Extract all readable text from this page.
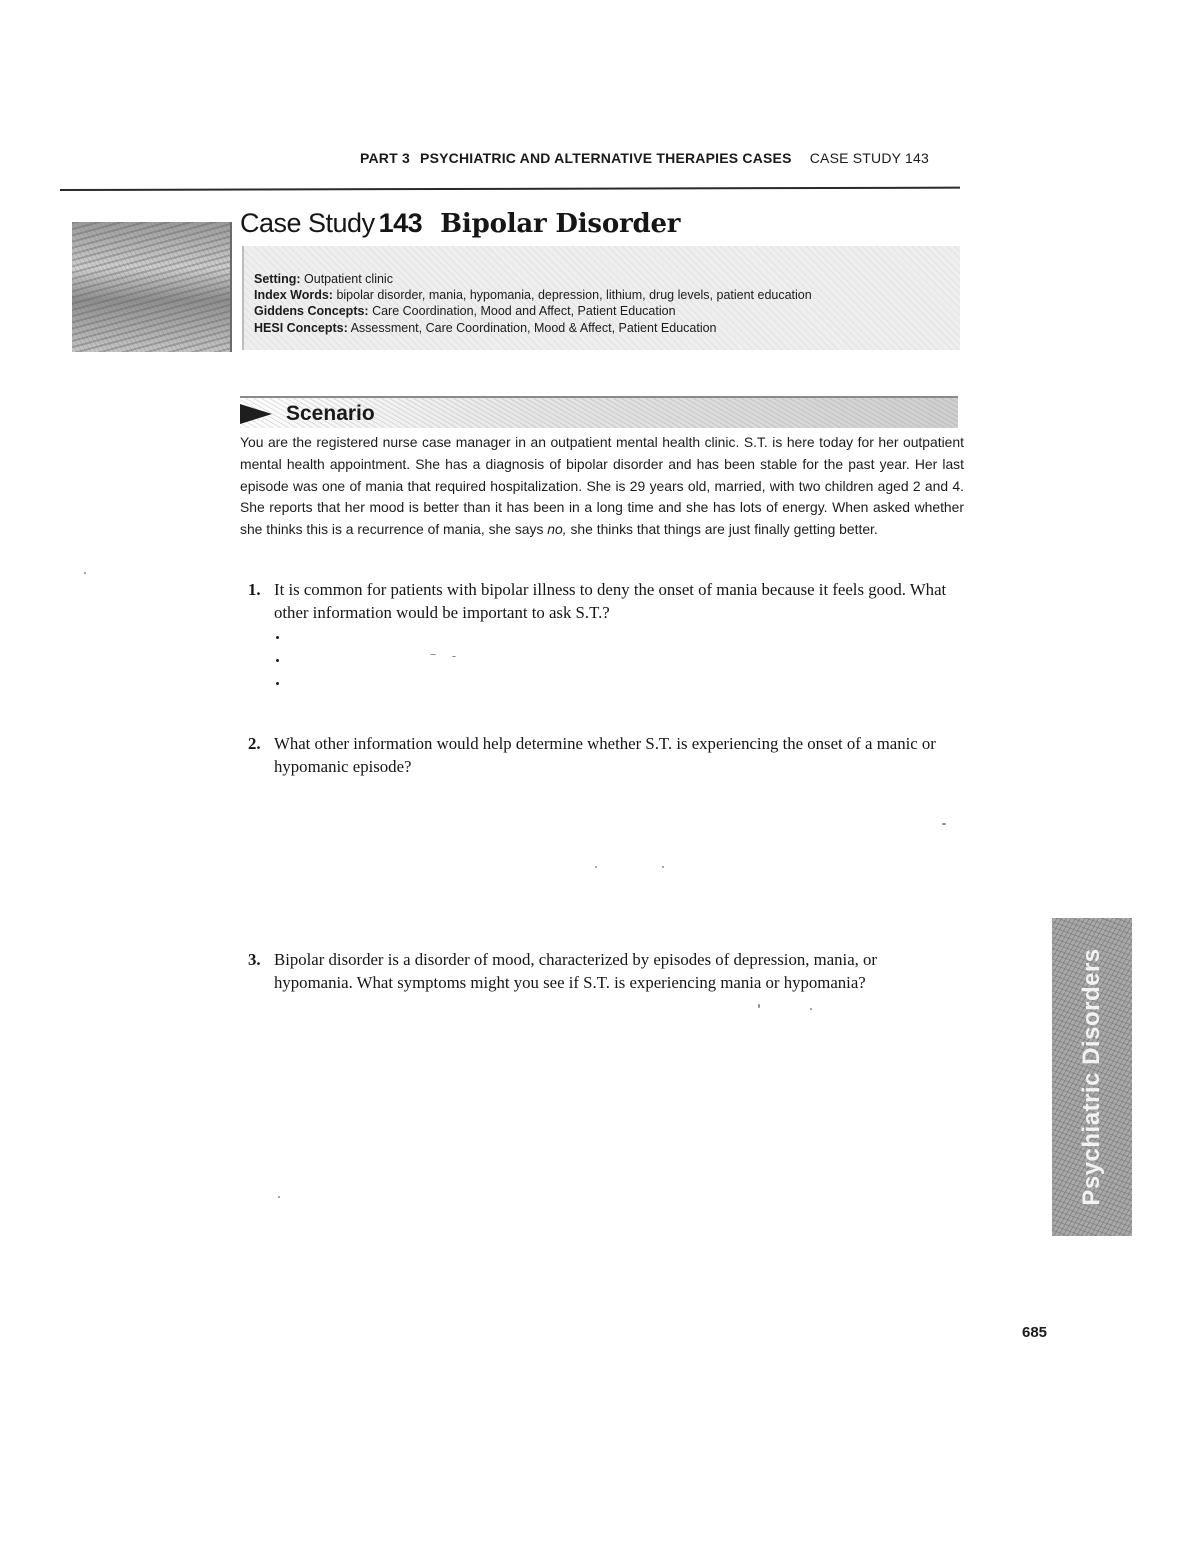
PART 3 PSYCHIATRIC AND ALTERNATIVE THERAPIES CASES CASE STUDY 143
Case Study 143 Bipolar Disorder
Setting: Outpatient clinic
Index Words: bipolar disorder, mania, hypomania, depression, lithium, drug levels, patient education
Giddens Concepts: Care Coordination, Mood and Affect, Patient Education
HESI Concepts: Assessment, Care Coordination, Mood & Affect, Patient Education
Scenario
You are the registered nurse case manager in an outpatient mental health clinic. S.T. is here today for her outpatient mental health appointment. She has a diagnosis of bipolar disorder and has been stable for the past year. Her last episode was one of mania that required hospitalization. She is 29 years old, married, with two children aged 2 and 4. She reports that her mood is better than it has been in a long time and she has lots of energy. When asked whether she thinks this is a recurrence of mania, she says no, she thinks that things are just finally getting better.
1. It is common for patients with bipolar illness to deny the onset of mania because it feels good. What other information would be important to ask S.T.?
2. What other information would help determine whether S.T. is experiencing the onset of a manic or hypomanic episode?
3. Bipolar disorder is a disorder of mood, characterized by episodes of depression, mania, or hypomania. What symptoms might you see if S.T. is experiencing mania or hypomania?	Psychiatric Disorders
685
